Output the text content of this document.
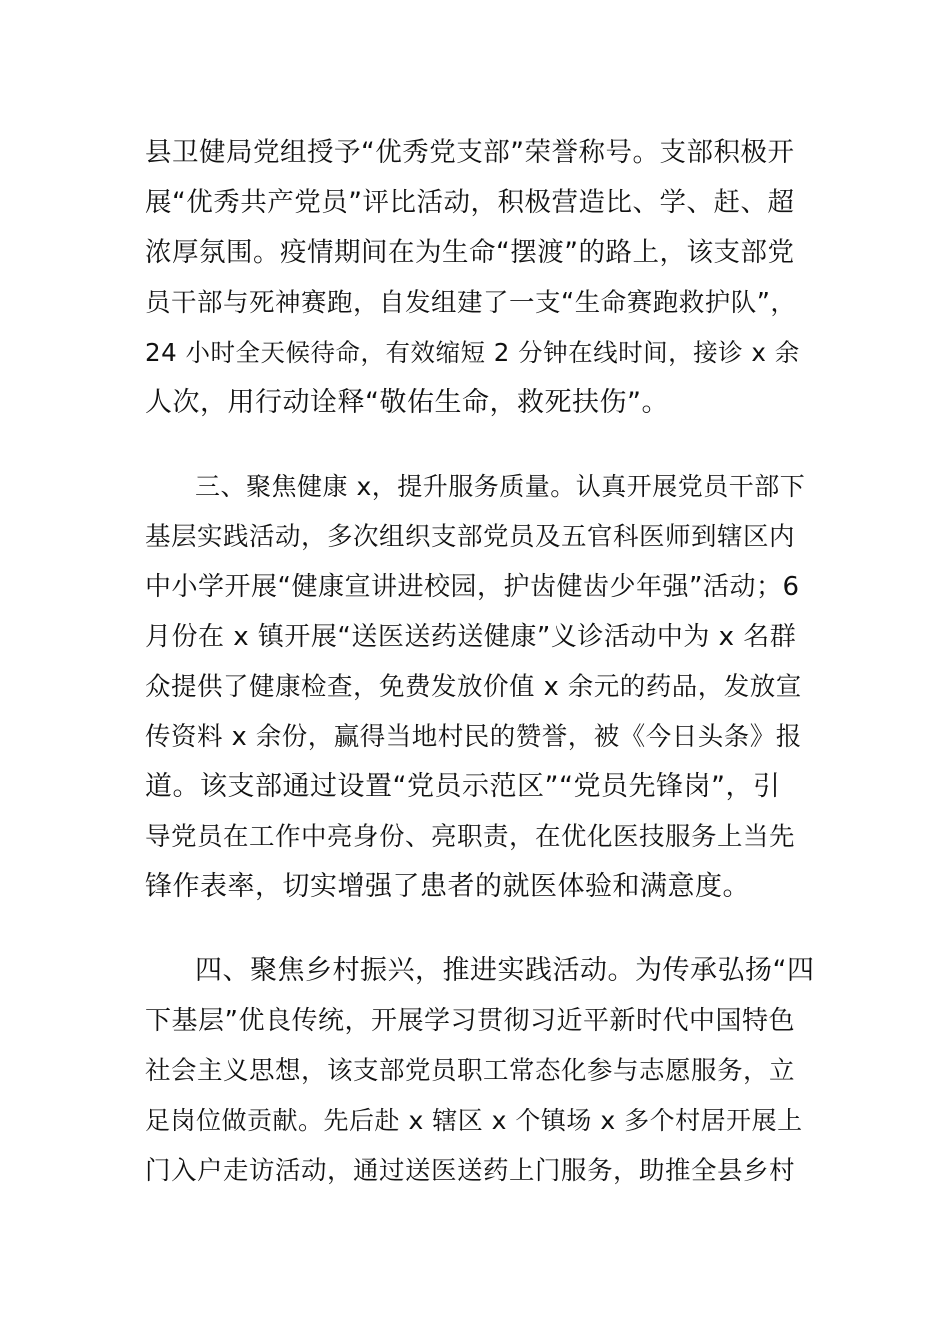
县卫健局党组授予“优秀党支部”荣誉称号。支部积极开
展“优秀共产党员”评比活动，积极营造比、学、赶、超
浓厚氛围。疫情期间在为生命“摆渡”的路上，该支部党
员干部与死神赛跑，自发组建了一支“生命赛跑救护队”，
24 小时全天候待命，有效缩短 2 分钟在线时间，接诊 x 余
人次，用行动诠释“敬佑生命，救死扶伤”。
三、聚焦健康 x，提升服务质量。认真开展党员干部下
基层实践活动，多次组织支部党员及五官科医师到辖区内
中小学开展“健康宣讲进校园，护齿健齿少年强”活动；6
月份在 x 镇开展“送医送药送健康”义诊活动中为 x 名群
众提供了健康检查，免费发放价值 x 余元的药品，发放宣
传资料 x 余份，赢得当地村民的赞誉，被《今日头条》报
道。该支部通过设置“党员示范区”“党员先锋岗”，引
导党员在工作中亮身份、亮职责，在优化医技服务上当先
锋作表率，切实增强了患者的就医体验和满意度。
四、聚焦乡村振兴，推进实践活动。为传承弘扬“四
下基层”优良传统，开展学习贯彻习近平新时代中国特色
社会主义思想，该支部党员职工常态化参与志愿服务，立
足岗位做贡献。先后赴 x 辖区 x 个镇场 x 多个村居开展上
门入户走访活动，通过送医送药上门服务，助推全县乡村
